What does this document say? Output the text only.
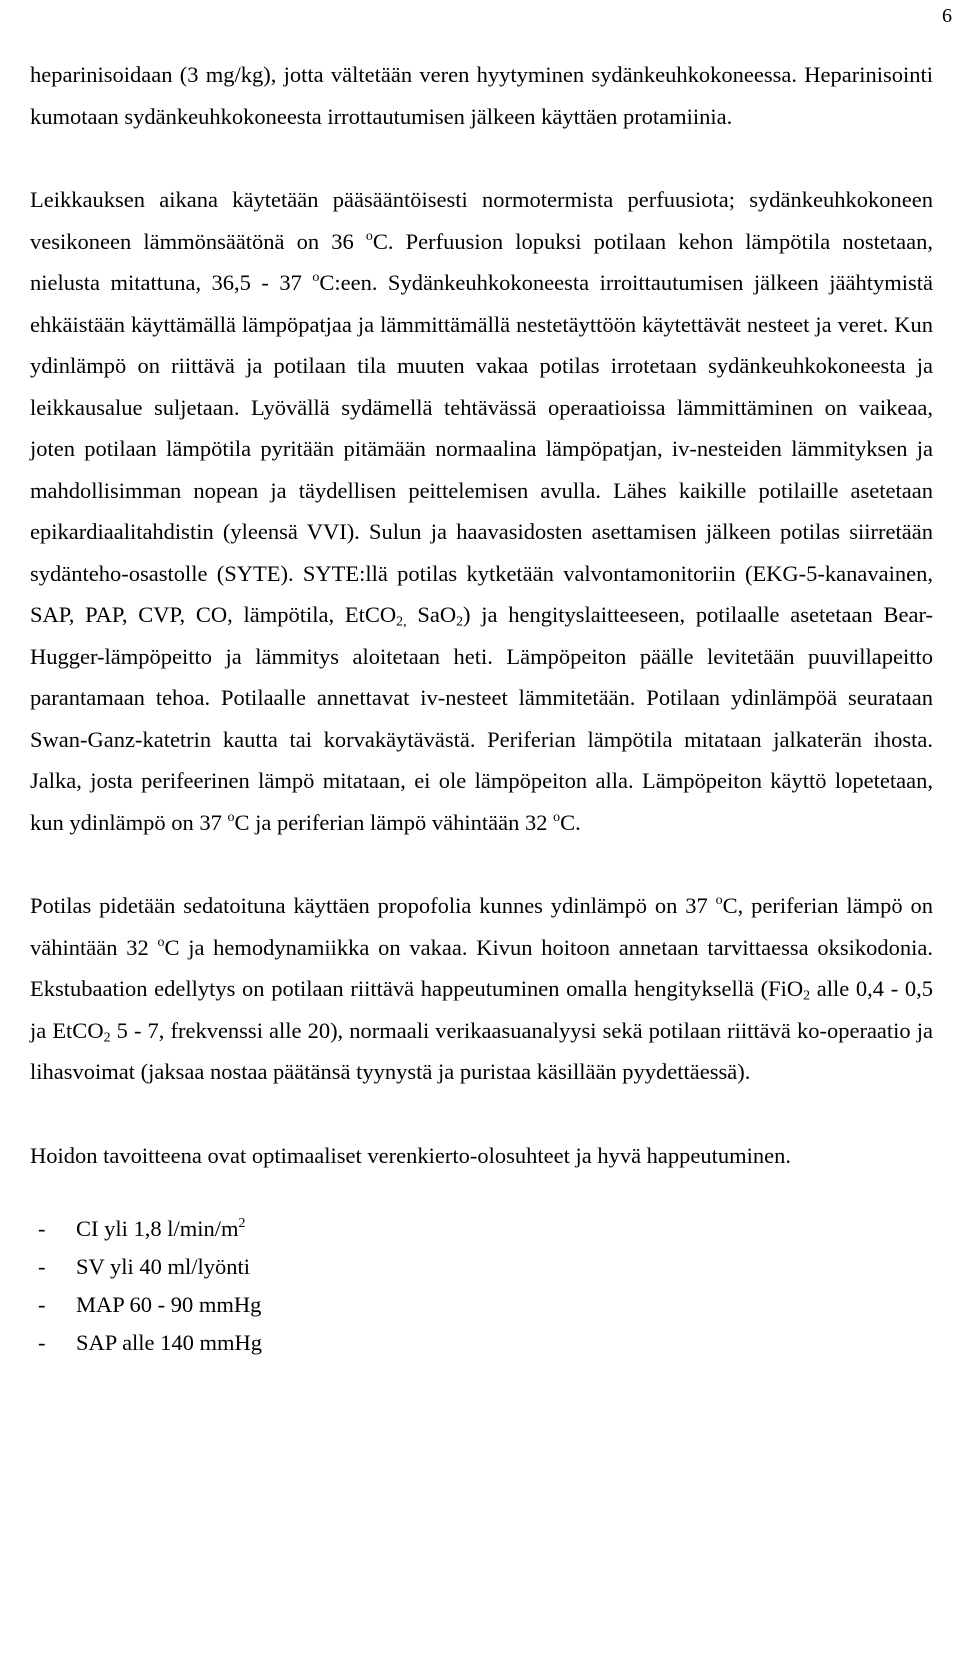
6

heparinisoidaan (3 mg/kg), jotta vältetään veren hyytyminen sydänkeuhkokoneessa. Heparinisointi kumotaan sydänkeuhkokoneesta irrottautumisen jälkeen käyttäen protamiinia.

Leikkauksen aikana käytetään pääsääntöisesti normotermista perfuusiota; sydänkeuhkokoneen vesikoneen lämmönsäätönä on 36 $^o$C. Perfuusion lopuksi potilaan kehon lämpötila nostetaan, nielusta mitattuna, 36,5 - 37 $^o$C:een. Sydänkeuhkokoneesta irroittautumisen jälkeen jäähtymistä ehkäistään käyttämällä lämpöpatjaa ja lämmittämällä nestetäyttöön käytettävät nesteet ja veret. Kun ydinlämpö on riittävä ja potilaan tila muuten vakaa potilas irrotetaan sydänkeuhkokoneesta ja leikkausalue suljetaan. Lyövällä sydämellä tehtävässä operaatioissa lämmittäminen on vaikeaa, joten potilaan lämpötila pyritään pitämään normaalina lämpöpatjan, iv-nesteiden lämmityksen ja mahdollisimman nopean ja täydellisen peittelemisen avulla. Lähes kaikille potilaille asetetaan epikardiaalitahdistin (yleensä VVI). Sulun ja haavasidosten asettamisen jälkeen potilas siirretään sydänteho-osastolle (SYTE). SYTE:llä potilas kytketään valvontamonitoriin (EKG-5-kanavainen, SAP, PAP, CVP, CO, lämpötila, EtCO$_{2,}$ SaO$_2$) ja hengityslaitteeseen, potilaalle asetetaan Bear-Hugger-lämpöpeitto ja lämmitys aloitetaan heti. Lämpöpeiton päälle levitetään puuvillapeitto parantamaan tehoa. Potilaalle annettavat iv-nesteet lämmitetään. Potilaan ydinlämpöä seurataan Swan-Ganz-katetrin kautta tai korvakäytävästä. Periferian lämpötila mitataan jalkaterän ihosta. Jalka, josta perifeerinen lämpö mitataan, ei ole lämpöpeiton alla. Lämpöpeiton käyttö lopetetaan, kun ydinlämpö on 37 $^o$C ja periferian lämpö vähintään 32 $^o$C.

Potilas pidetään sedatoituna käyttäen propofolia kunnes ydinlämpö on 37 $^o$C, periferian lämpö on vähintään 32 $^o$C ja hemodynamiikka on vakaa. Kivun hoitoon annetaan tarvittaessa oksikodonia. Ekstubaation edellytys on potilaan riittävä happeutuminen omalla hengityksellä (FiO$_2$ alle 0,4 - 0,5 ja EtCO$_2$ 5 - 7, frekvenssi alle 20), normaali verikaasuanalyysi sekä potilaan riittävä ko-operaatio ja lihasvoimat (jaksaa nostaa päätänsä tyynystä ja puristaa käsillään pyydettäessä).

Hoidon tavoitteena ovat optimaaliset verenkierto-olosuhteet ja hyvä happeutuminen.

-	CI yli 1,8 $l/\min/m^2$
-	SV yli 40 ml/lyönti
-	MAP 60 - 90 mmHg
-	SAP alle 140 mmHg
